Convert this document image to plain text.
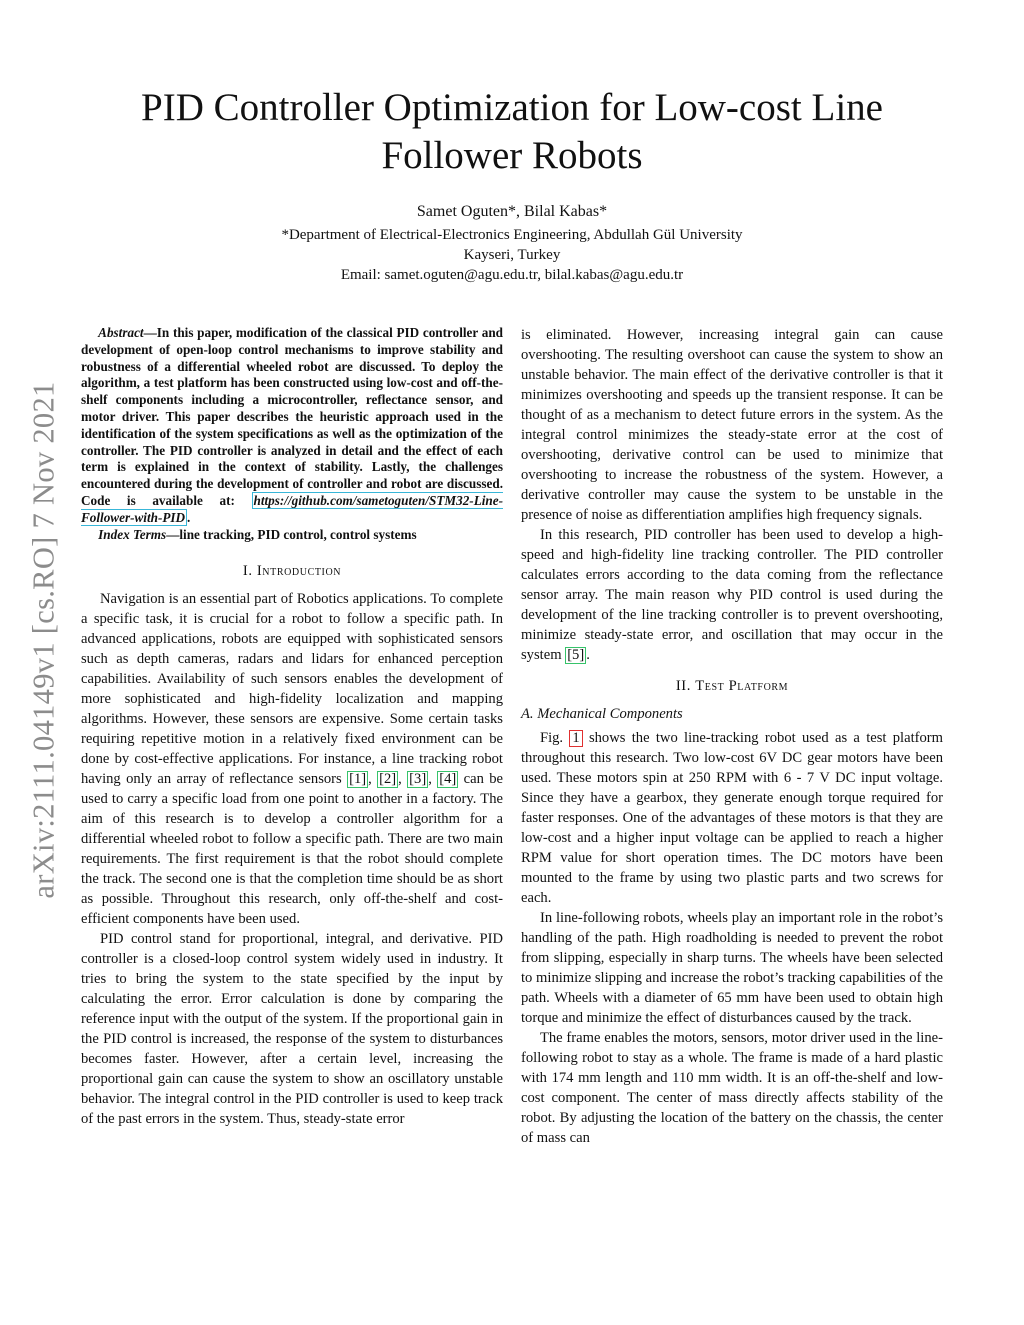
PID Controller Optimization for Low-cost Line Follower Robots
Samet Oguten*, Bilal Kabas*
*Department of Electrical-Electronics Engineering, Abdullah Gül University
Kayseri, Turkey
Email: samet.oguten@agu.edu.tr, bilal.kabas@agu.edu.tr
arXiv:2111.04149v1 [cs.RO] 7 Nov 2021

Abstract—In this paper, modification of the classical PID controller and development of open-loop control mechanisms to improve stability and robustness of a differential wheeled robot are discussed. To deploy the algorithm, a test platform has been constructed using low-cost and off-the-shelf components including a microcontroller, reflectance sensor, and motor driver. This paper describes the heuristic approach used in the identification of the system specifications as well as the optimization of the controller. The PID controller is analyzed in detail and the effect of each term is explained in the context of stability. Lastly, the challenges encountered during the development of controller and robot are discussed. Code is available at: https://github.com/sametoguten/STM32-Line-Follower-with-PID .

Index Terms—line tracking, PID control, control systems

I. Introduction

Navigation is an essential part of Robotics applications. To complete a specific task, it is crucial for a robot to follow a specific path. In advanced applications, robots are equipped with sophisticated sensors such as depth cameras, radars and lidars for enhanced perception capabilities. Availability of such sensors enables the development of more sophisticated and high-fidelity localization and mapping algorithms. However, these sensors are expensive. Some certain tasks requiring repetitive motion in a relatively fixed environment can be done by cost-effective applications. For instance, a line tracking robot having only an array of reflectance sensors [1] , [2] , [3] , [4] can be used to carry a specific load from one point to another in a factory. The aim of this research is to develop a controller algorithm for a differential wheeled robot to follow a specific path. There are two main requirements. The first requirement is that the robot should complete the track. The second one is that the completion time should be as short as possible. Throughout this research, only off-the-shelf and cost-efficient components have been used.

PID control stand for proportional, integral, and derivative. PID controller is a closed-loop control system widely used in industry. It tries to bring the system to the state specified by the input by calculating the error. Error calculation is done by comparing the reference input with the output of the system. If the proportional gain in the PID control is increased, the response of the system to disturbances becomes faster. However, after a certain level, increasing the proportional gain can cause the system to show an oscillatory unstable behavior. The integral control in the PID controller is used to keep track of the past errors in the system. Thus, steady-state error

is eliminated. However, increasing integral gain can cause overshooting. The resulting overshoot can cause the system to show an unstable behavior. The main effect of the derivative controller is that it minimizes overshooting and speeds up the transient response. It can be thought of as a mechanism to detect future errors in the system. As the integral control minimizes the steady-state error at the cost of overshooting, derivative control can be used to minimize that overshooting to increase the robustness of the system. However, a derivative controller may cause the system to be unstable in the presence of noise as differentiation amplifies high frequency signals.

In this research, PID controller has been used to develop a high-speed and high-fidelity line tracking controller. The PID controller calculates errors according to the data coming from the reflectance sensor array. The main reason why PID control is used during the development of the line tracking controller is to prevent overshooting, minimize steady-state error, and oscillation that may occur in the system [5] .

II. Test Platform
A. Mechanical Components

Fig. 1 shows the two line-tracking robot used as a test platform throughout this research. Two low-cost 6V DC gear motors have been used. These motors spin at 250 RPM with 6 - 7 V DC input voltage. Since they have a gearbox, they generate enough torque required for faster responses. One of the advantages of these motors is that they are low-cost and a higher input voltage can be applied to reach a higher RPM value for short operation times. The DC motors have been mounted to the frame by using two plastic parts and two screws for each.

In line-following robots, wheels play an important role in the robot’s handling of the path. High roadholding is needed to prevent the robot from slipping, especially in sharp turns. The wheels have been selected to minimize slipping and increase the robot’s tracking capabilities of the path. Wheels with a diameter of 65 mm have been used to obtain high torque and minimize the effect of disturbances caused by the track.

The frame enables the motors, sensors, motor driver used in the line-following robot to stay as a whole. The frame is made of a hard plastic with 174 mm length and 110 mm width. It is an off-the-shelf and low-cost component. The center of mass directly affects stability of the robot. By adjusting the location of the battery on the chassis, the center of mass can
